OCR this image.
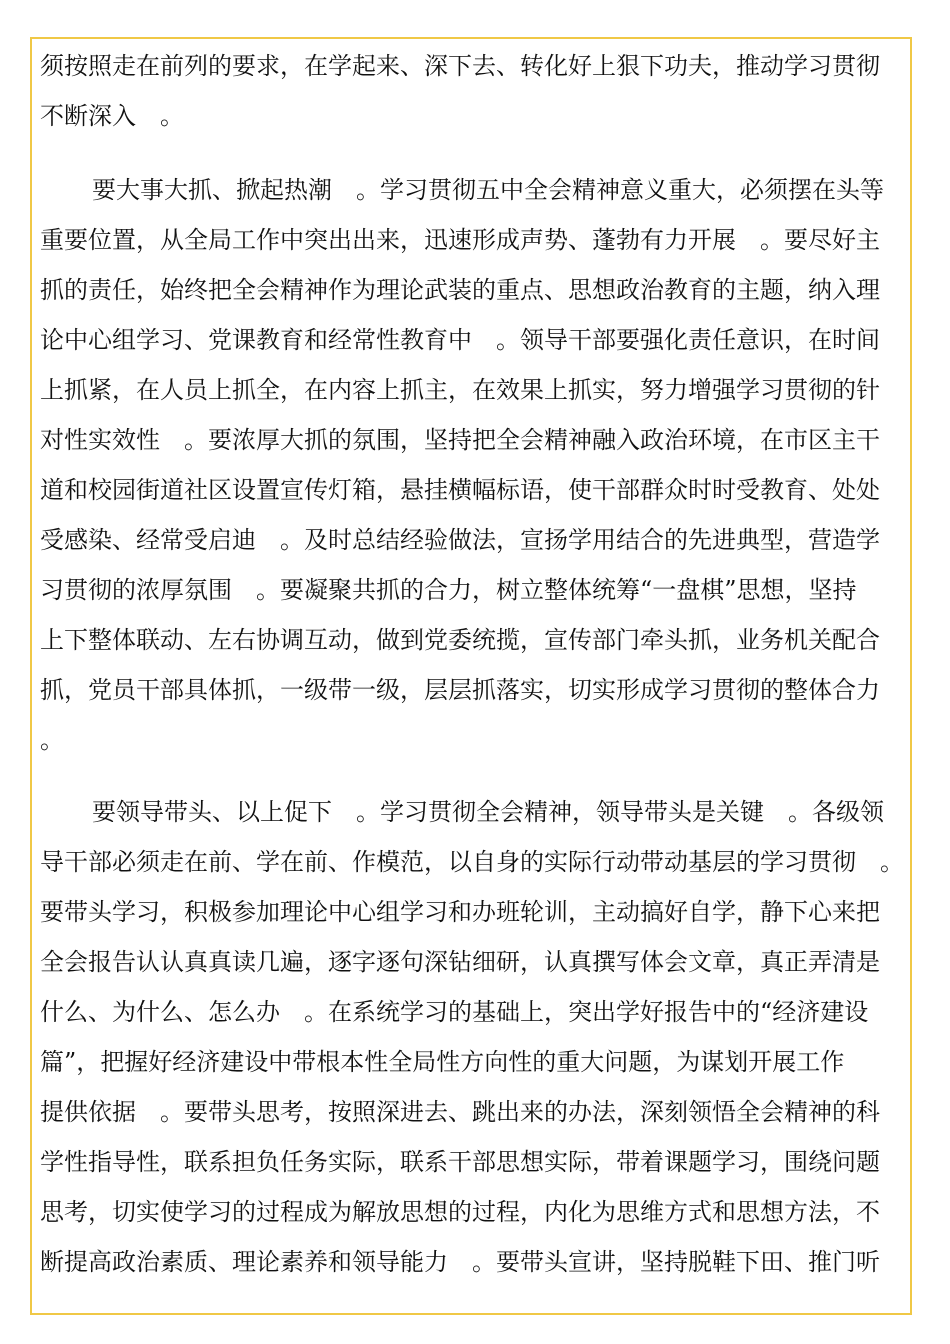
须按照走在前列的要求，在学起来、深下去、转化好上狠下功夫，推动学习贯彻
不断深入　。
要大事大抓、掀起热潮　。学习贯彻五中全会精神意义重大，必须摆在头等
重要位置，从全局工作中突出出来，迅速形成声势、蓬勃有力开展　。要尽好主
抓的责任，始终把全会精神作为理论武装的重点、思想政治教育的主题，纳入理
论中心组学习、党课教育和经常性教育中　。领导干部要强化责任意识，在时间
上抓紧，在人员上抓全，在内容上抓主，在效果上抓实，努力增强学习贯彻的针
对性实效性　。要浓厚大抓的氛围，坚持把全会精神融入政治环境，在市区主干
道和校园街道社区设置宣传灯箱，悬挂横幅标语，使干部群众时时受教育、处处
受感染、经常受启迪　。及时总结经验做法，宣扬学用结合的先进典型，营造学
习贯彻的浓厚氛围　。要凝聚共抓的合力，树立整体统筹“一盘棋”思想，坚持
上下整体联动、左右协调互动，做到党委统揽，宣传部门牵头抓，业务机关配合
抓，党员干部具体抓，一级带一级，层层抓落实，切实形成学习贯彻的整体合力
。
要领导带头、以上促下　。学习贯彻全会精神，领导带头是关键　。各级领
导干部必须走在前、学在前、作模范，以自身的实际行动带动基层的学习贯彻　。
要带头学习，积极参加理论中心组学习和办班轮训，主动搞好自学，静下心来把
全会报告认认真真读几遍，逐字逐句深钻细研，认真撰写体会文章，真正弄清是
什么、为什么、怎么办　。在系统学习的基础上，突出学好报告中的“经济建设
篇”，把握好经济建设中带根本性全局性方向性的重大问题，为谋划开展工作
提供依据　。要带头思考，按照深进去、跳出来的办法，深刻领悟全会精神的科
学性指导性，联系担负任务实际，联系干部思想实际，带着课题学习，围绕问题
思考，切实使学习的过程成为解放思想的过程，内化为思维方式和思想方法，不
断提高政治素质、理论素养和领导能力　。要带头宣讲，坚持脱鞋下田、推门听
